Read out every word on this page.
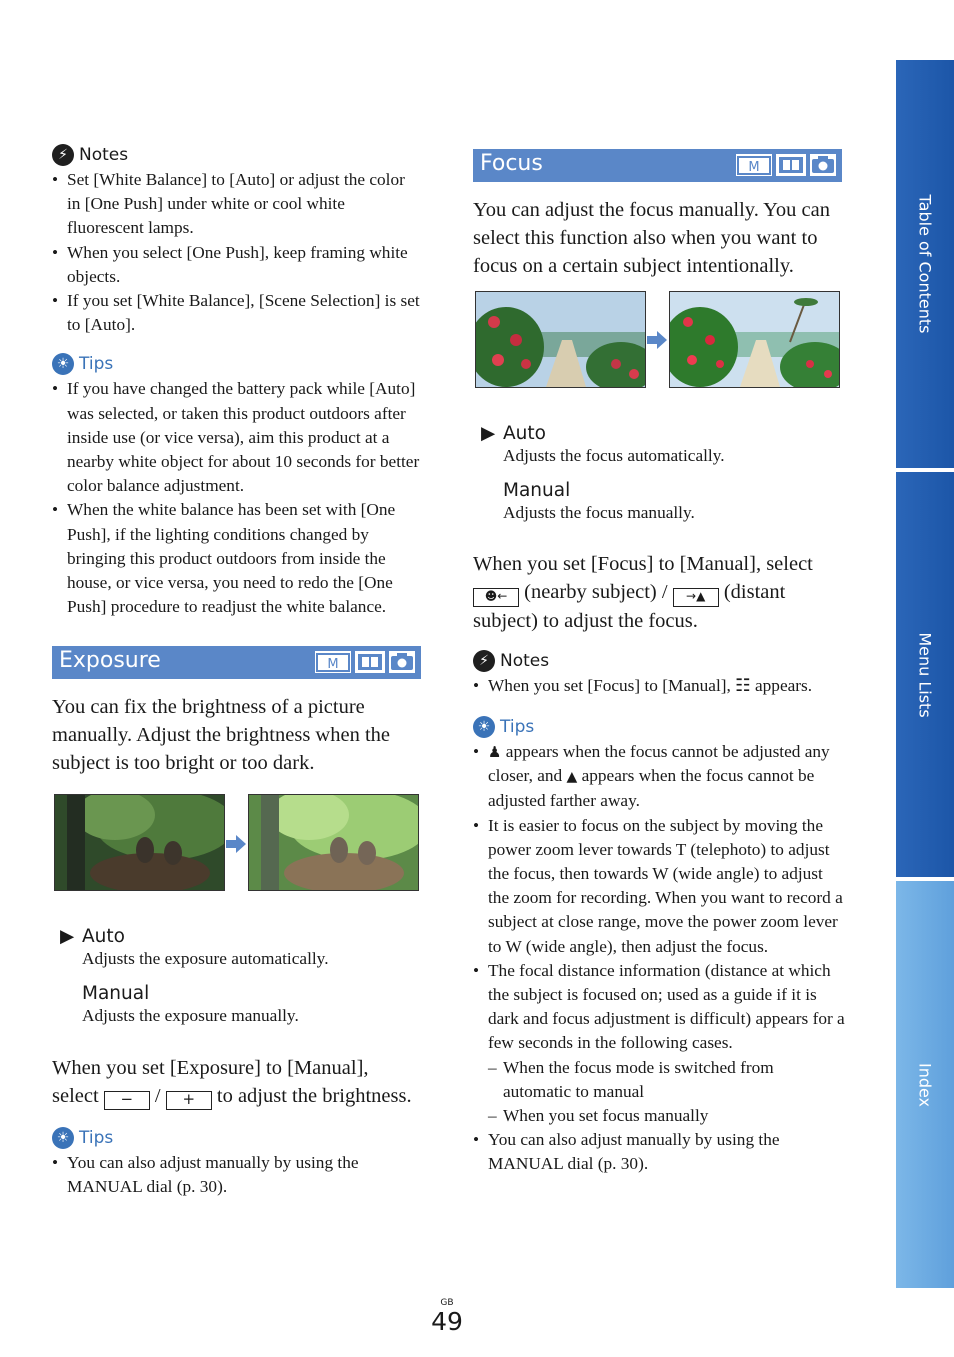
⚡ Notes
• Set [White Balance] to [Auto] or adjust the color in [One Push] under white or cool white fluorescent lamps.
• When you select [One Push], keep framing white objects.
• If you set [White Balance], [Scene Selection] is set to [Auto].
☀ Tips
• If you have changed the battery pack while [Auto] was selected, or taken this product outdoors after inside use (or vice versa), aim this product at a nearby white object for about 10 seconds for better color balance adjustment.
• When the white balance has been set with [One Push], if the lighting conditions changed by bringing this product outdoors from inside the house, or vice versa, you need to redo the [One Push] procedure to readjust the white balance.
Exposure	M
You can fix the brightness of a picture manually. Adjust the brightness when the subject is too bright or too dark.
▶ Auto
Adjusts the exposure automatically.
Manual
Adjusts the exposure manually.
When you set [Exposure] to [Manual],
select − / + to adjust the brightness.
☀ Tips
• You can also adjust manually by using the MANUAL dial (p. 30).
Focus	M
You can adjust the focus manually. You can select this function also when you want to focus on a certain subject intentionally.
▶ Auto
Adjusts the focus automatically.
Manual
Adjusts the focus manually.
When you set [Focus] to [Manual], select
☻← (nearby subject) / →▲ (distant
subject) to adjust the focus.
⚡ Notes
• When you set [Focus] to [Manual], ☷ appears.
☀ Tips
• ♟ appears when the focus cannot be adjusted any closer, and ▲ appears when the focus cannot be adjusted farther away.
• It is easier to focus on the subject by moving the power zoom lever towards T (telephoto) to adjust the focus, then towards W (wide angle) to adjust the zoom for recording. When you want to record a subject at close range, move the power zoom lever to W (wide angle), then adjust the focus.
• The focal distance information (distance at which the subject is focused on; used as a guide if it is dark and focus adjustment is difficult) appears for a few seconds in the following cases.
– When the focus mode is switched from automatic to manual
– When you set focus manually
• You can also adjust manually by using the MANUAL dial (p. 30).
GB
49
Table of Contents
Menu Lists
Index
